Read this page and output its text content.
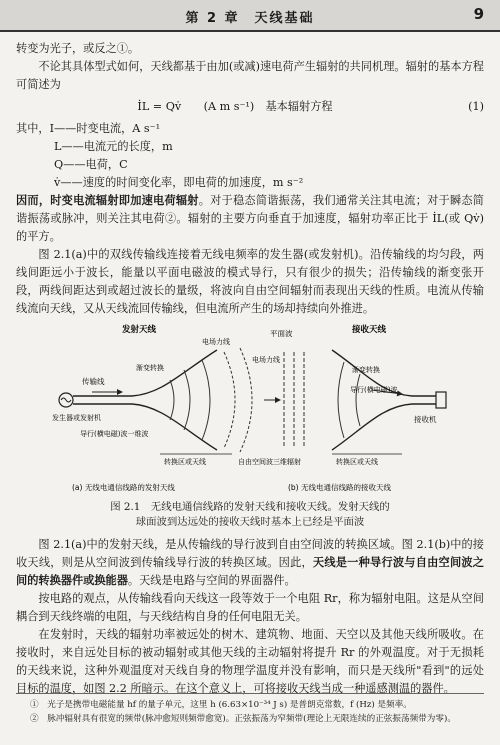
第 2 章　天线基础	9

转变为光子，或反之①。

不论其具体型式如何，天线都基于由加(或减)速电荷产生辐射的共同机理。辐射的基本方程可简述为

İL = Qv̇　　(A m s⁻¹)　基本辐射方程	(1)

其中，I——时变电流，A s⁻¹

L——电流元的长度，m
Q——电荷，C
v̇——速度的时间变化率，即电荷的加速度，m s⁻²

因而，时变电流辐射即加速电荷辐射。对于稳态简谐振荡，我们通常关注其电流；对于瞬态简谐振荡或脉冲，则关注其电荷②。辐射的主要方向垂直于加速度，辐射功率正比于 İL(或 Qv̇)的平方。

图 2.1(a)中的双线传输线连接着无线电频率的发生器(或发射机)。沿传输线的均匀段，两线间距远小于波长，能量以平面电磁波的模式导行，只有很少的损失；沿传输线的渐变张开段，两线间距达到或超过波长的量级，将波向自由空间辐射而表现出天线的性质。电流从传输线流向天线，又从天线流回传输线，但电流所产生的场却持续向外推进。

发射天线	接收天线
平面波
电场力线
电场力线
传输线
渐变转换	渐变转换
发生器或发射机
导行(横电磁)波一维波
导行(横电磁)波
转换区或天线	自由空间波三维辐射	转换区或天线
接收机
(a) 无线电通信线路的发射天线	(b) 无线电通信线路的接收天线
图 2.1　无线电通信线路的发射天线和接收天线。发射天线的
球面波到达远处的接收天线时基本上已经是平面波

图 2.1(a)中的发射天线，是从传输线的导行波到自由空间波的转换区域。图 2.1(b)中的接收天线，则是从空间波到传输线导行波的转换区域。因此，天线是一种导行波与自由空间波之间的转换器件或换能器。天线是电路与空间的界面器件。

按电路的观点，从传输线看向天线这一段等效于一个电阻 Rr，称为辐射电阻。这是从空间耦合到天线终端的电阻，与天线结构自身的任何电阻无关。

在发射时，天线的辐射功率被远处的树木、建筑物、地面、天空以及其他天线所吸收。在接收时，来自远处目标的被动辐射或其他天线的主动辐射将提升 Rr 的外观温度。对于无损耗的天线来说，这种外观温度对天线自身的物理学温度并没有影响，而只是天线所"看到"的远处目标的温度，如图 2.2 所暗示。在这个意义上，可将接收天线当成一种遥感测温的器件。

①　光子是携带电磁能量 hf 的量子单元，这里 h (6.63×10⁻³⁴ J s) 是普朗克常数，f (Hz) 是频率。
②　脉冲辐射具有很宽的频带(脉冲愈短则频带愈宽)。正弦振荡为窄频带(理论上无限连续的正弦振荡频带为零)。
